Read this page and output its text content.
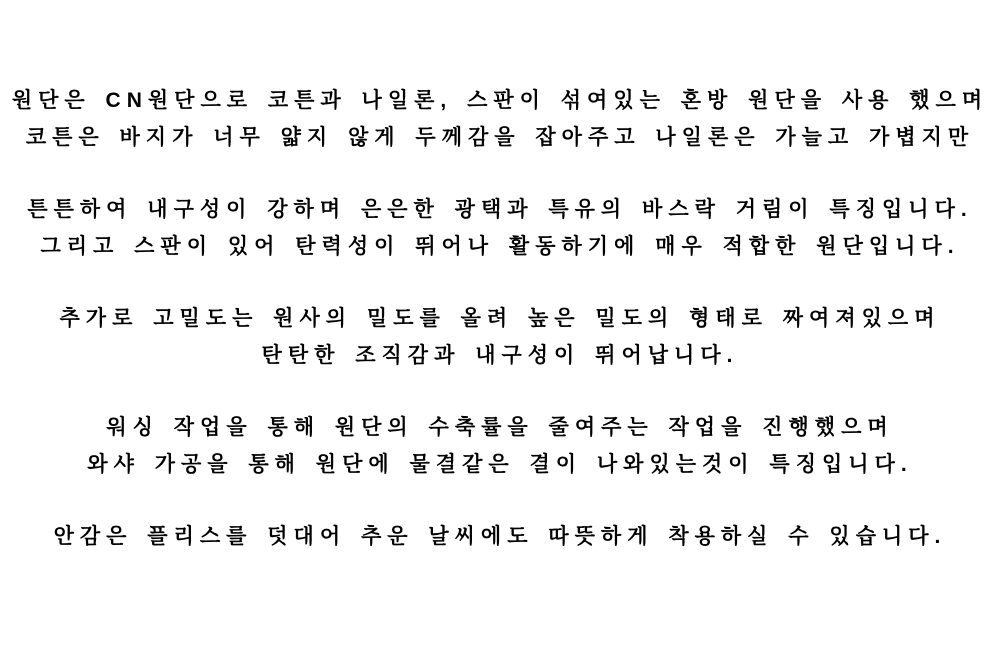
원단은 CN원단으로 코튼과 나일론, 스판이 섞여있는 혼방 원단을 사용 했으며
코튼은 바지가 너무 얇지 않게 두께감을 잡아주고 나일론은 가늘고 가볍지만
튼튼하여 내구성이 강하며 은은한 광택과 특유의 바스락 거림이 특징입니다.
그리고 스판이 있어 탄력성이 뛰어나 활동하기에 매우 적합한 원단입니다.
추가로 고밀도는 원사의 밀도를 올려 높은 밀도의 형태로 짜여져있으며
탄탄한 조직감과 내구성이 뛰어납니다.
워싱 작업을 통해 원단의 수축률을 줄여주는 작업을 진행했으며
와샤 가공을 통해 원단에 물결같은 결이 나와있는것이 특징입니다.
안감은 플리스를 덧대어 추운 날씨에도 따뜻하게 착용하실 수 있습니다.
